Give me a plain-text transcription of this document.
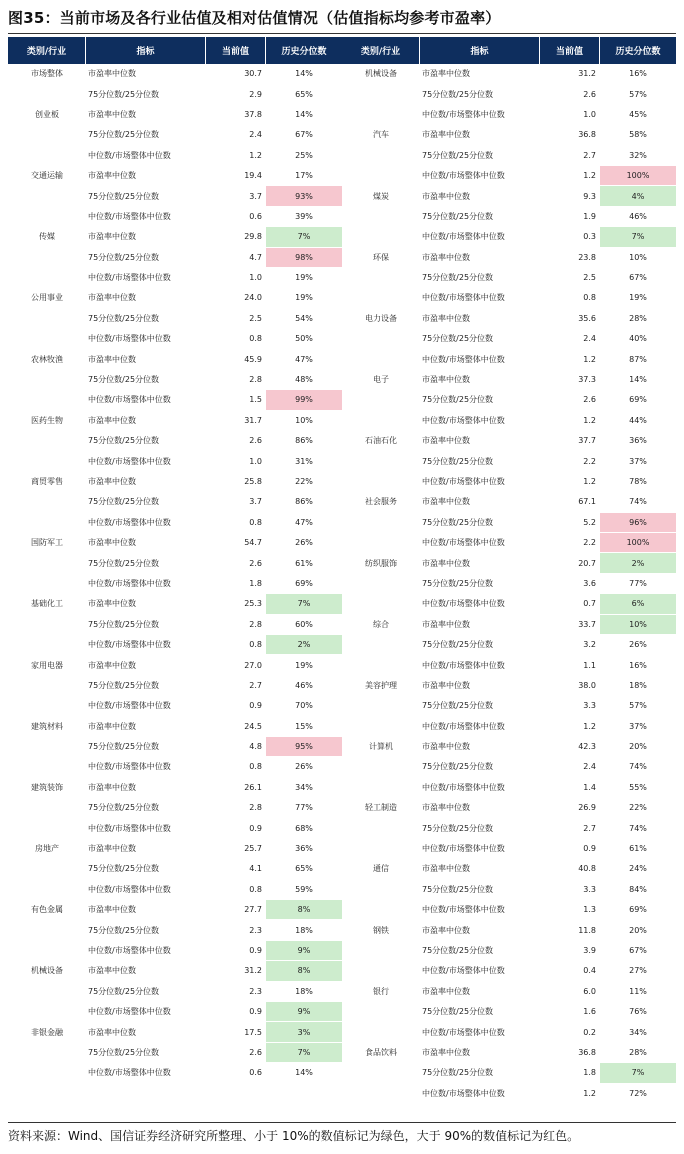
图35：当前市场及各行业估值及相对估值情况（估值指标均参考市盈率）
类别/行业	指标	当前值	历史分位数
市场整体	市盈率中位数	30.7	14%
75分位数/25分位数	2.9	65%
创业板	市盈率中位数	37.8	14%
75分位数/25分位数	2.4	67%
中位数/市场整体中位数	1.2	25%
交通运输	市盈率中位数	19.4	17%
75分位数/25分位数	3.7	93%
中位数/市场整体中位数	0.6	39%
传媒	市盈率中位数	29.8	7%
75分位数/25分位数	4.7	98%
中位数/市场整体中位数	1.0	19%
公用事业	市盈率中位数	24.0	19%
75分位数/25分位数	2.5	54%
中位数/市场整体中位数	0.8	50%
农林牧渔	市盈率中位数	45.9	47%
75分位数/25分位数	2.8	48%
中位数/市场整体中位数	1.5	99%
医药生物	市盈率中位数	31.7	10%
75分位数/25分位数	2.6	86%
中位数/市场整体中位数	1.0	31%
商贸零售	市盈率中位数	25.8	22%
75分位数/25分位数	3.7	86%
中位数/市场整体中位数	0.8	47%
国防军工	市盈率中位数	54.7	26%
75分位数/25分位数	2.6	61%
中位数/市场整体中位数	1.8	69%
基础化工	市盈率中位数	25.3	7%
75分位数/25分位数	2.8	60%
中位数/市场整体中位数	0.8	2%
家用电器	市盈率中位数	27.0	19%
75分位数/25分位数	2.7	46%
中位数/市场整体中位数	0.9	70%
建筑材料	市盈率中位数	24.5	15%
75分位数/25分位数	4.8	95%
中位数/市场整体中位数	0.8	26%
建筑装饰	市盈率中位数	26.1	34%
75分位数/25分位数	2.8	77%
中位数/市场整体中位数	0.9	68%
房地产	市盈率中位数	25.7	36%
75分位数/25分位数	4.1	65%
中位数/市场整体中位数	0.8	59%
有色金属	市盈率中位数	27.7	8%
75分位数/25分位数	2.3	18%
中位数/市场整体中位数	0.9	9%
机械设备	市盈率中位数	31.2	8%
75分位数/25分位数	2.3	18%
中位数/市场整体中位数	0.9	9%
非银金融	市盈率中位数	17.5	3%
75分位数/25分位数	2.6	7%
中位数/市场整体中位数	0.6	14%
类别/行业	指标	当前值	历史分位数
机械设备	市盈率中位数	31.2	16%
75分位数/25分位数	2.6	57%
中位数/市场整体中位数	1.0	45%
汽车	市盈率中位数	36.8	58%
75分位数/25分位数	2.7	32%
中位数/市场整体中位数	1.2	100%
煤炭	市盈率中位数	9.3	4%
75分位数/25分位数	1.9	46%
中位数/市场整体中位数	0.3	7%
环保	市盈率中位数	23.8	10%
75分位数/25分位数	2.5	67%
中位数/市场整体中位数	0.8	19%
电力设备	市盈率中位数	35.6	28%
75分位数/25分位数	2.4	40%
中位数/市场整体中位数	1.2	87%
电子	市盈率中位数	37.3	14%
75分位数/25分位数	2.6	69%
中位数/市场整体中位数	1.2	44%
石油石化	市盈率中位数	37.7	36%
75分位数/25分位数	2.2	37%
中位数/市场整体中位数	1.2	78%
社会服务	市盈率中位数	67.1	74%
75分位数/25分位数	5.2	96%
中位数/市场整体中位数	2.2	100%
纺织服饰	市盈率中位数	20.7	2%
75分位数/25分位数	3.6	77%
中位数/市场整体中位数	0.7	6%
综合	市盈率中位数	33.7	10%
75分位数/25分位数	3.2	26%
中位数/市场整体中位数	1.1	16%
美容护理	市盈率中位数	38.0	18%
75分位数/25分位数	3.3	57%
中位数/市场整体中位数	1.2	37%
计算机	市盈率中位数	42.3	20%
75分位数/25分位数	2.4	74%
中位数/市场整体中位数	1.4	55%
轻工制造	市盈率中位数	26.9	22%
75分位数/25分位数	2.7	74%
中位数/市场整体中位数	0.9	61%
通信	市盈率中位数	40.8	24%
75分位数/25分位数	3.3	84%
中位数/市场整体中位数	1.3	69%
钢铁	市盈率中位数	11.8	20%
75分位数/25分位数	3.9	67%
中位数/市场整体中位数	0.4	27%
银行	市盈率中位数	6.0	11%
75分位数/25分位数	1.6	76%
中位数/市场整体中位数	0.2	34%
食品饮料	市盈率中位数	36.8	28%
75分位数/25分位数	1.8	7%
中位数/市场整体中位数	1.2	72%
资料来源：Wind、国信证券经济研究所整理、小于 10%的数值标记为绿色，大于 90%的数值标记为红色。
